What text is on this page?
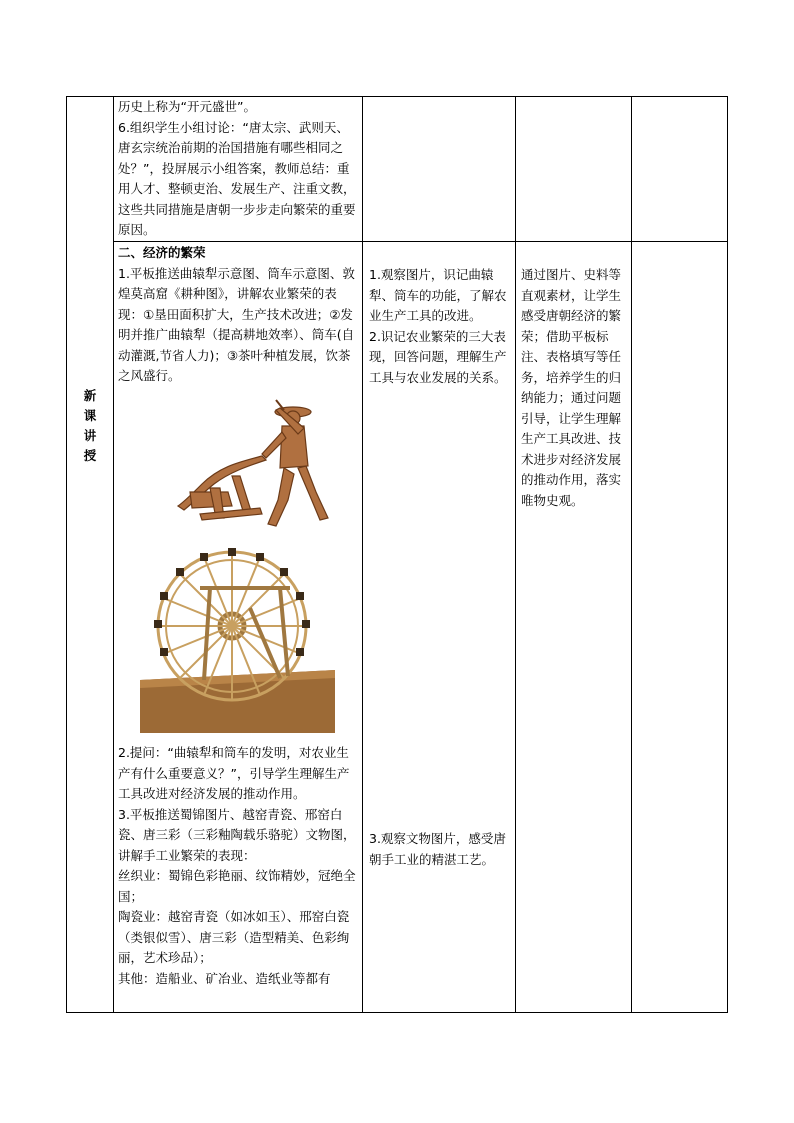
新课讲授

历史上称为“开元盛世”。

6.组织学生小组讨论：“唐太宗、武则天、唐玄宗统治前期的治国措施有哪些相同之处？”，投屏展示小组答案，教师总结：重用人才、整顿吏治、发展生产、注重文教，这些共同措施是唐朝一步步走向繁荣的重要原因。

二、经济的繁荣

1.平板推送曲辕犁示意图、筒车示意图、敦煌莫高窟《耕种图》，讲解农业繁荣的表现：①垦田面积扩大，生产技术改进；②发明并推广曲辕犁（提高耕地效率）、筒车(自动灌溉,节省人力)；③茶叶种植发展，饮茶之风盛行。

2.提问：“曲辕犁和筒车的发明，对农业生产有什么重要意义？”，引导学生理解生产工具改进对经济发展的推动作用。

3.平板推送蜀锦图片、越窑青瓷、邢窑白瓷、唐三彩（三彩釉陶载乐骆驼）文物图，讲解手工业繁荣的表现：

丝织业：蜀锦色彩艳丽、纹饰精妙，冠绝全国；

陶瓷业：越窑青瓷（如冰如玉）、邢窑白瓷（类银似雪）、唐三彩（造型精美、色彩绚丽，艺术珍品）；

其他：造船业、矿冶业、造纸业等都有

1.观察图片，识记曲辕犁、筒车的功能，了解农业生产工具的改进。

2.识记农业繁荣的三大表现，回答问题，理解生产工具与农业发展的关系。

3.观察文物图片，感受唐朝手工业的精湛工艺。

通过图片、史料等直观素材，让学生感受唐朝经济的繁荣；借助平板标注、表格填写等任务，培养学生的归纳能力；通过问题引导，让学生理解生产工具改进、技术进步对经济发展的推动作用，落实唯物史观。
